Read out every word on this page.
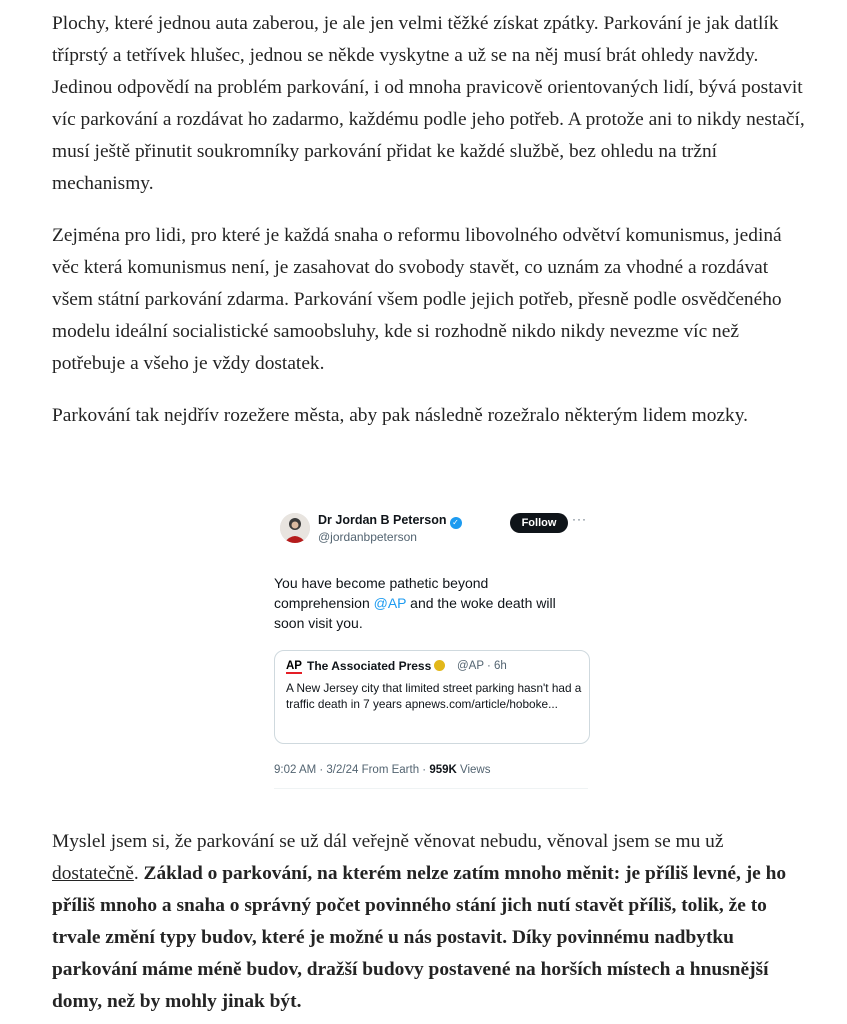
Plochy, které jednou auta zaberou, je ale jen velmi těžké získat zpátky. Parkování je jak datlík tříprstý a tetřívek hlušec, jednou se někde vyskytne a už se na něj musí brát ohledy navždy. Jedinou odpovědí na problém parkování, i od mnoha pravicově orientovaných lidí, bývá postavit víc parkování a rozdávat ho zadarmo, každému podle jeho potřeb. A protože ani to nikdy nestačí, musí ještě přinutit soukromníky parkování přidat ke každé službě, bez ohledu na tržní mechanismy.

Zejména pro lidi, pro které je každá snaha o reformu libovolného odvětví komunismus, jediná věc která komunismus není, je zasahovat do svobody stavět, co uznám za vhodné a rozdávat všem státní parkování zdarma. Parkování všem podle jejich potřeb, přesně podle osvědčeného modelu ideální socialistické samoobsluhy, kde si rozhodně nikdo nikdy nevezme víc než potřebuje a všeho je vždy dostatek.

Parkování tak nejdřív rozežere města, aby pak následně rozežralo některým lidem mozky.

Myslel jsem si, že parkování se už dál veřejně věnovat nebudu, věnoval jsem se mu už dostatečně. Základ o parkování, na kterém nelze zatím mnoho měnit: je příliš levné, je ho příliš mnoho a snaha o správný počet povinného stání jich nutí stavět příliš, tolik, že to trvale změní typy budov, které je možné u nás postavit. Díky povinnému nadbytku parkování máme méně budov, dražší budovy postavené na horších místech a hnusnější domy, než by mohly jinak být.

Dr Jordan B Peterson ✓
@jordanbpeterson
Follow	···
You have become pathetic beyond comprehension @AP and the woke death will soon visit you.
AP The Associated Press	@AP · 6h
A New Jersey city that limited street parking hasn't had a traffic death in 7 years apnews.com/article/hoboke...
9:02 AM · 3/2/24 From Earth · 959K Views
